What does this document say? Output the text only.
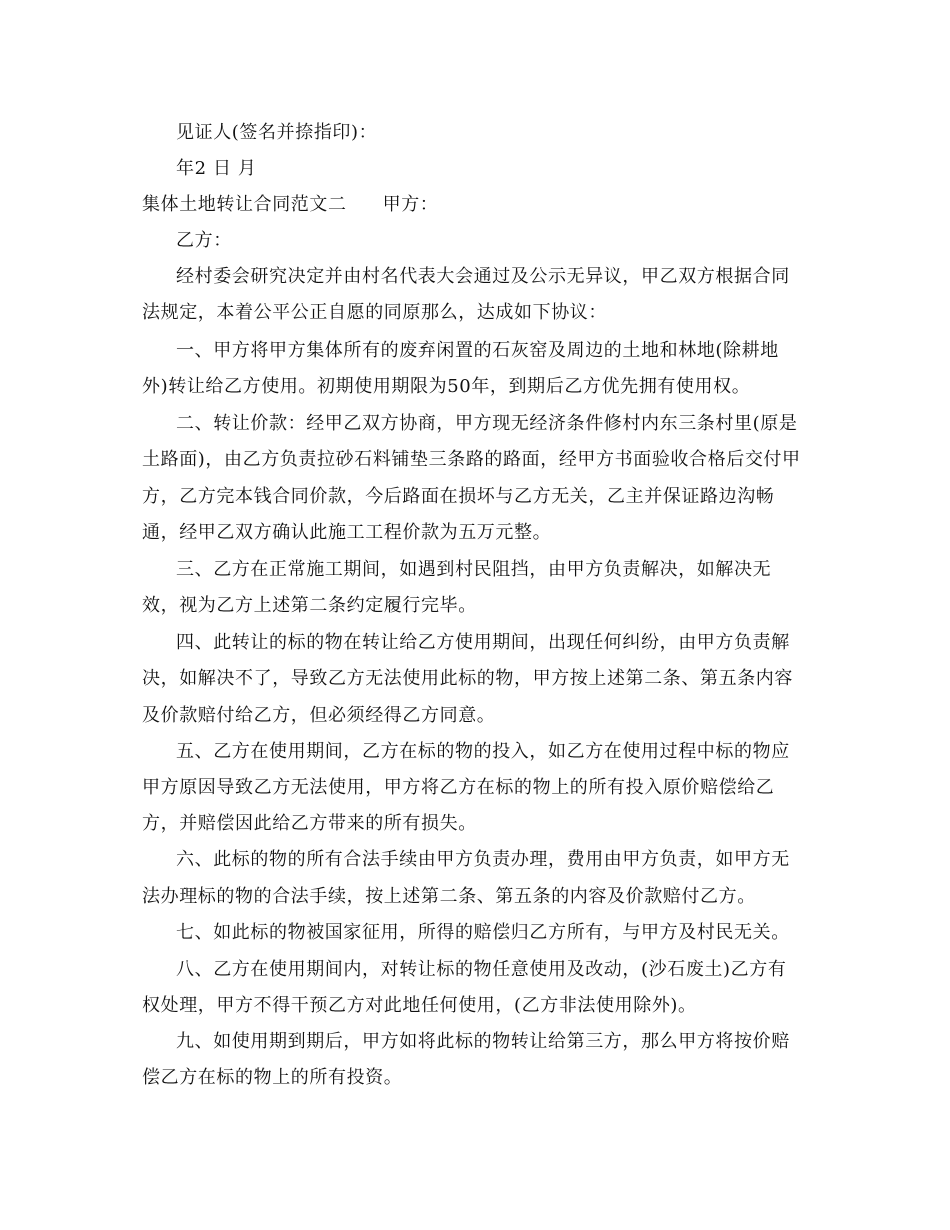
见证人(签名并捺指印)：
年2 日 月
集体土地转让合同范文二 甲方：
乙方：
经村委会研究决定并由村名代表大会通过及公示无异议，甲乙双方根据合同
法规定，本着公平公正自愿的同原那么，达成如下协议：
一、甲方将甲方集体所有的废弃闲置的石灰窑及周边的土地和林地(除耕地
外)转让给乙方使用。初期使用期限为50年，到期后乙方优先拥有使用权。
二、转让价款：经甲乙双方协商，甲方现无经济条件修村内东三条村里(原是
土路面)，由乙方负责拉砂石料铺垫三条路的路面，经甲方书面验收合格后交付甲
方，乙方完本钱合同价款，今后路面在损坏与乙方无关，乙主并保证路边沟畅
通，经甲乙双方确认此施工工程价款为五万元整。
三、乙方在正常施工期间，如遇到村民阻挡，由甲方负责解决，如解决无
效，视为乙方上述第二条约定履行完毕。
四、此转让的标的物在转让给乙方使用期间，出现任何纠纷，由甲方负责解
决，如解决不了，导致乙方无法使用此标的物，甲方按上述第二条、第五条内容
及价款赔付给乙方，但必须经得乙方同意。
五、乙方在使用期间，乙方在标的物的投入，如乙方在使用过程中标的物应
甲方原因导致乙方无法使用，甲方将乙方在标的物上的所有投入原价赔偿给乙
方，并赔偿因此给乙方带来的所有损失。
六、此标的物的所有合法手续由甲方负责办理，费用由甲方负责，如甲方无
法办理标的物的合法手续，按上述第二条、第五条的内容及价款赔付乙方。
七、如此标的物被国家征用，所得的赔偿归乙方所有，与甲方及村民无关。
八、乙方在使用期间内，对转让标的物任意使用及改动，(沙石废土)乙方有
权处理，甲方不得干预乙方对此地任何使用，(乙方非法使用除外)。
九、如使用期到期后，甲方如将此标的物转让给第三方，那么甲方将按价赔
偿乙方在标的物上的所有投资。
